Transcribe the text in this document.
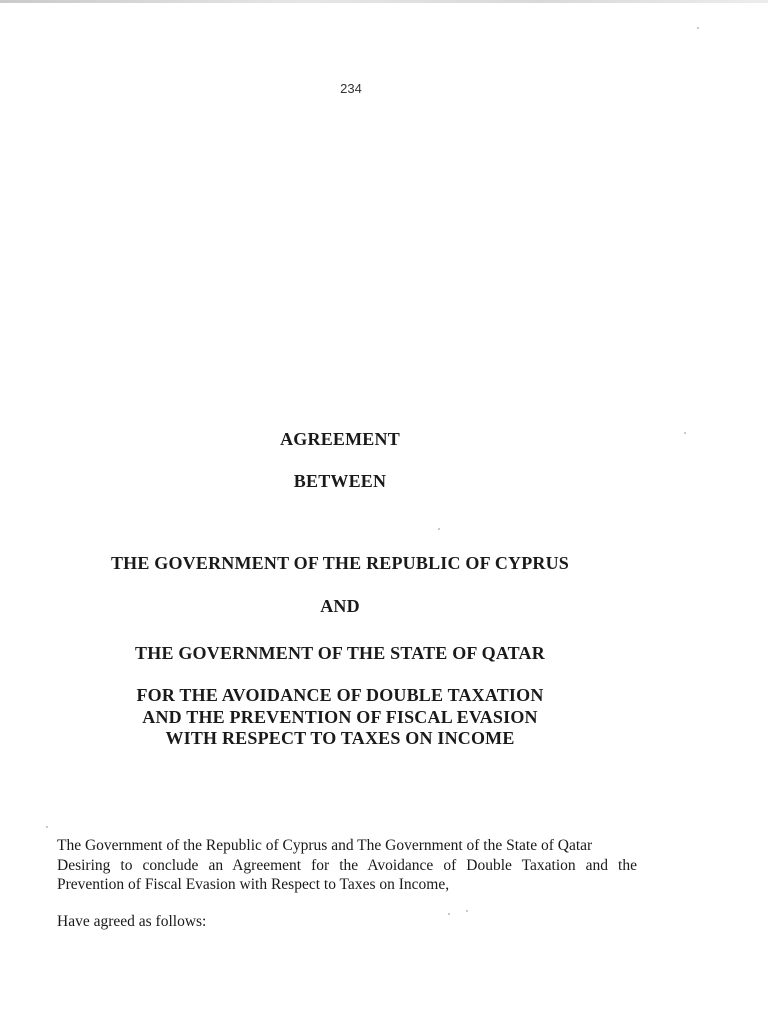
234
AGREEMENT
BETWEEN
THE GOVERNMENT OF THE REPUBLIC OF CYPRUS
AND
THE GOVERNMENT OF THE STATE OF QATAR
FOR THE AVOIDANCE OF DOUBLE TAXATION
AND THE PREVENTION OF FISCAL EVASION
WITH RESPECT TO TAXES ON INCOME

The Government of the Republic of Cyprus and The Government of the State of Qatar

Desiring to conclude an Agreement for the Avoidance of Double Taxation and the

Prevention of Fiscal Evasion with Respect to Taxes on Income,

Have agreed as follows:
